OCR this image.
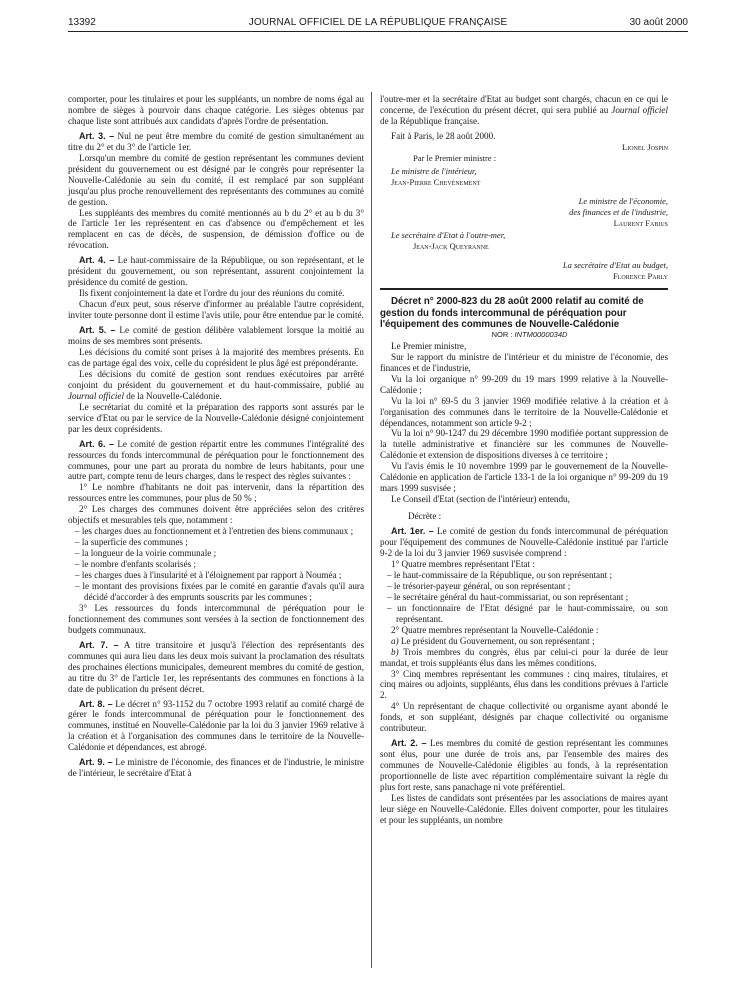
13392	JOURNAL OFFICIEL DE LA RÉPUBLIQUE FRANÇAISE	30 août 2000

comporter, pour les titulaires et pour les suppléants, un nombre de noms égal au nombre de sièges à pourvoir dans chaque catégorie. Les sièges obtenus par chaque liste sont attribués aux candidats d'après l'ordre de présentation.

Art. 3. – Nul ne peut être membre du comité de gestion simultanément au titre du 2° et du 3° de l'article 1er.

Lorsqu'un membre du comité de gestion représentant les communes devient président du gouvernement ou est désigné par le congrès pour représenter la Nouvelle-Calédonie au sein du comité, il est remplacé par son suppléant jusqu'au plus proche renouvellement des représentants des communes au comité de gestion.

Les suppléants des membres du comité mentionnés au b du 2° et au b du 3° de l'article 1er les représentent en cas d'absence ou d'empêchement et les remplacent en cas de décès, de suspension, de démission d'office ou de révocation.

Art. 4. – Le haut-commissaire de la République, ou son représentant, et le président du gouvernement, ou son représentant, assurent conjointement la présidence du comité de gestion.

Ils fixent conjointement la date et l'ordre du jour des réunions du comité.

Chacun d'eux peut, sous réserve d'informer au préalable l'autre coprésident, inviter toute personne dont il estime l'avis utile, pour être entendue par le comité.

Art. 5. – Le comité de gestion délibère valablement lorsque la moitié au moins de ses membres sont présents.

Les décisions du comité sont prises à la majorité des membres présents. En cas de partage égal des voix, celle du coprésident le plus âgé est prépondérante.

Les décisions du comité de gestion sont rendues exécutoires par arrêté conjoint du président du gouvernement et du haut-commissaire, publié au Journal officiel de la Nouvelle-Calédonie.

Le secrétariat du comité et la préparation des rapports sont assurés par le service d'Etat ou par le service de la Nouvelle-Calédonie désigné conjointement par les deux coprésidents.

Art. 6. – Le comité de gestion répartit entre les communes l'intégralité des ressources du fonds intercommunal de péréquation pour le fonctionnement des communes, pour une part au prorata du nombre de leurs habitants, pour une autre part, compte tenu de leurs charges, dans le respect des règles suivantes :

1° Le nombre d'habitants ne doit pas intervenir, dans la répartition des ressources entre les communes, pour plus de 50 % ;

2° Les charges des communes doivent être appréciées selon des critères objectifs et mesurables tels que, notamment :

– les charges dues au fonctionnement et à l'entretien des biens communaux ;

– la superficie des communes ;

– la longueur de la voirie communale ;

– le nombre d'enfants scolarisés ;

– les charges dues à l'insularité et à l'éloignement par rapport à Nouméa ;

– le montant des provisions fixées par le comité en garantie d'avals qu'il aura décidé d'accorder à des emprunts souscrits par les communes ;

3° Les ressources du fonds intercommunal de péréquation pour le fonctionnement des communes sont versées à la section de fonctionnement des budgets communaux.

Art. 7. – A titre transitoire et jusqu'à l'élection des représentants des communes qui aura lieu dans les deux mois suivant la proclamation des résultats des prochaines élections municipales, demeurent membres du comité de gestion, au titre du 3° de l'article 1er, les représentants des communes en fonctions à la date de publication du présent décret.

Art. 8. – Le décret n° 93-1152 du 7 octobre 1993 relatif au comité chargé de gérer le fonds intercommunal de péréquation pour le fonctionnement des communes, institué en Nouvelle-Calédonie par la loi du 3 janvier 1969 relative à la création et à l'organisation des communes dans le territoire de la Nouvelle-Calédonie et dépendances, est abrogé.

Art. 9. – Le ministre de l'économie, des finances et de l'industrie, le ministre de l'intérieur, le secrétaire d'Etat à

l'outre-mer et la secrétaire d'Etat au budget sont chargés, chacun en ce qui le concerne, de l'exécution du présent décret, qui sera publié au Journal officiel de la République française.

Fait à Paris, le 28 août 2000.

Lionel Jospin

Par le Premier ministre :

Le ministre de l'intérieur,

Jean-Pierre Chevènement

Le ministre de l'économie,

des finances et de l'industrie,

Laurent Fabius

Le secrétaire d'Etat à l'outre-mer,

Jean-Jack Queyranne

La secrétaire d'Etat au budget,

Florence Parly

Décret n° 2000-823 du 28 août 2000 relatif au comité de gestion du fonds intercommunal de péréquation pour l'équipement des communes de Nouvelle-Calédonie

NOR : INTM0000034D

Le Premier ministre,

Sur le rapport du ministre de l'intérieur et du ministre de l'économie, des finances et de l'industrie,

Vu la loi organique n° 99-209 du 19 mars 1999 relative à la Nouvelle-Calédonie ;

Vu la loi n° 69-5 du 3 janvier 1969 modifiée relative à la création et à l'organisation des communes dans le territoire de la Nouvelle-Calédonie et dépendances, notamment son article 9-2 ;

Vu la loi n° 90-1247 du 29 décembre 1990 modifiée portant suppression de la tutelle administrative et financière sur les communes de Nouvelle-Calédonie et extension de dispositions diverses à ce territoire ;

Vu l'avis émis le 10 novembre 1999 par le gouvernement de la Nouvelle-Calédonie en application de l'article 133-1 de la loi organique n° 99-209 du 19 mars 1999 susvisée ;

Le Conseil d'Etat (section de l'intérieur) entendu,

Décrète :

Art. 1er. – Le comité de gestion du fonds intercommunal de péréquation pour l'équipement des communes de Nouvelle-Calédonie institué par l'article 9-2 de la loi du 3 janvier 1969 susvisée comprend :

1° Quatre membres représentant l'Etat :

– le haut-commissaire de la République, ou son représentant ;

– le trésorier-payeur général, ou son représentant ;

– le secrétaire général du haut-commissariat, ou son représentant ;

– un fonctionnaire de l'Etat désigné par le haut-commissaire, ou son représentant.

2° Quatre membres représentant la Nouvelle-Calédonie :

a) Le président du Gouvernement, ou son représentant ;

b) Trois membres du congrès, élus par celui-ci pour la durée de leur mandat, et trois suppléants élus dans les mêmes conditions.

3° Cinq membres représentant les communes : cinq maires, titulaires, et cinq maires ou adjoints, suppléants, élus dans les conditions prévues à l'article 2.

4° Un représentant de chaque collectivité ou organisme ayant abondé le fonds, et son suppléant, désignés par chaque collectivité ou organisme contributeur.

Art. 2. – Les membres du comité de gestion représentant les communes sont élus, pour une durée de trois ans, par l'ensemble des maires des communes de Nouvelle-Calédonie éligibles au fonds, à la représentation proportionnelle de liste avec répartition complémentaire suivant la règle du plus fort reste, sans panachage ni vote préférentiel.

Les listes de candidats sont présentées par les associations de maires ayant leur siège en Nouvelle-Calédonie. Elles doivent comporter, pour les titulaires et pour les suppléants, un nombre
